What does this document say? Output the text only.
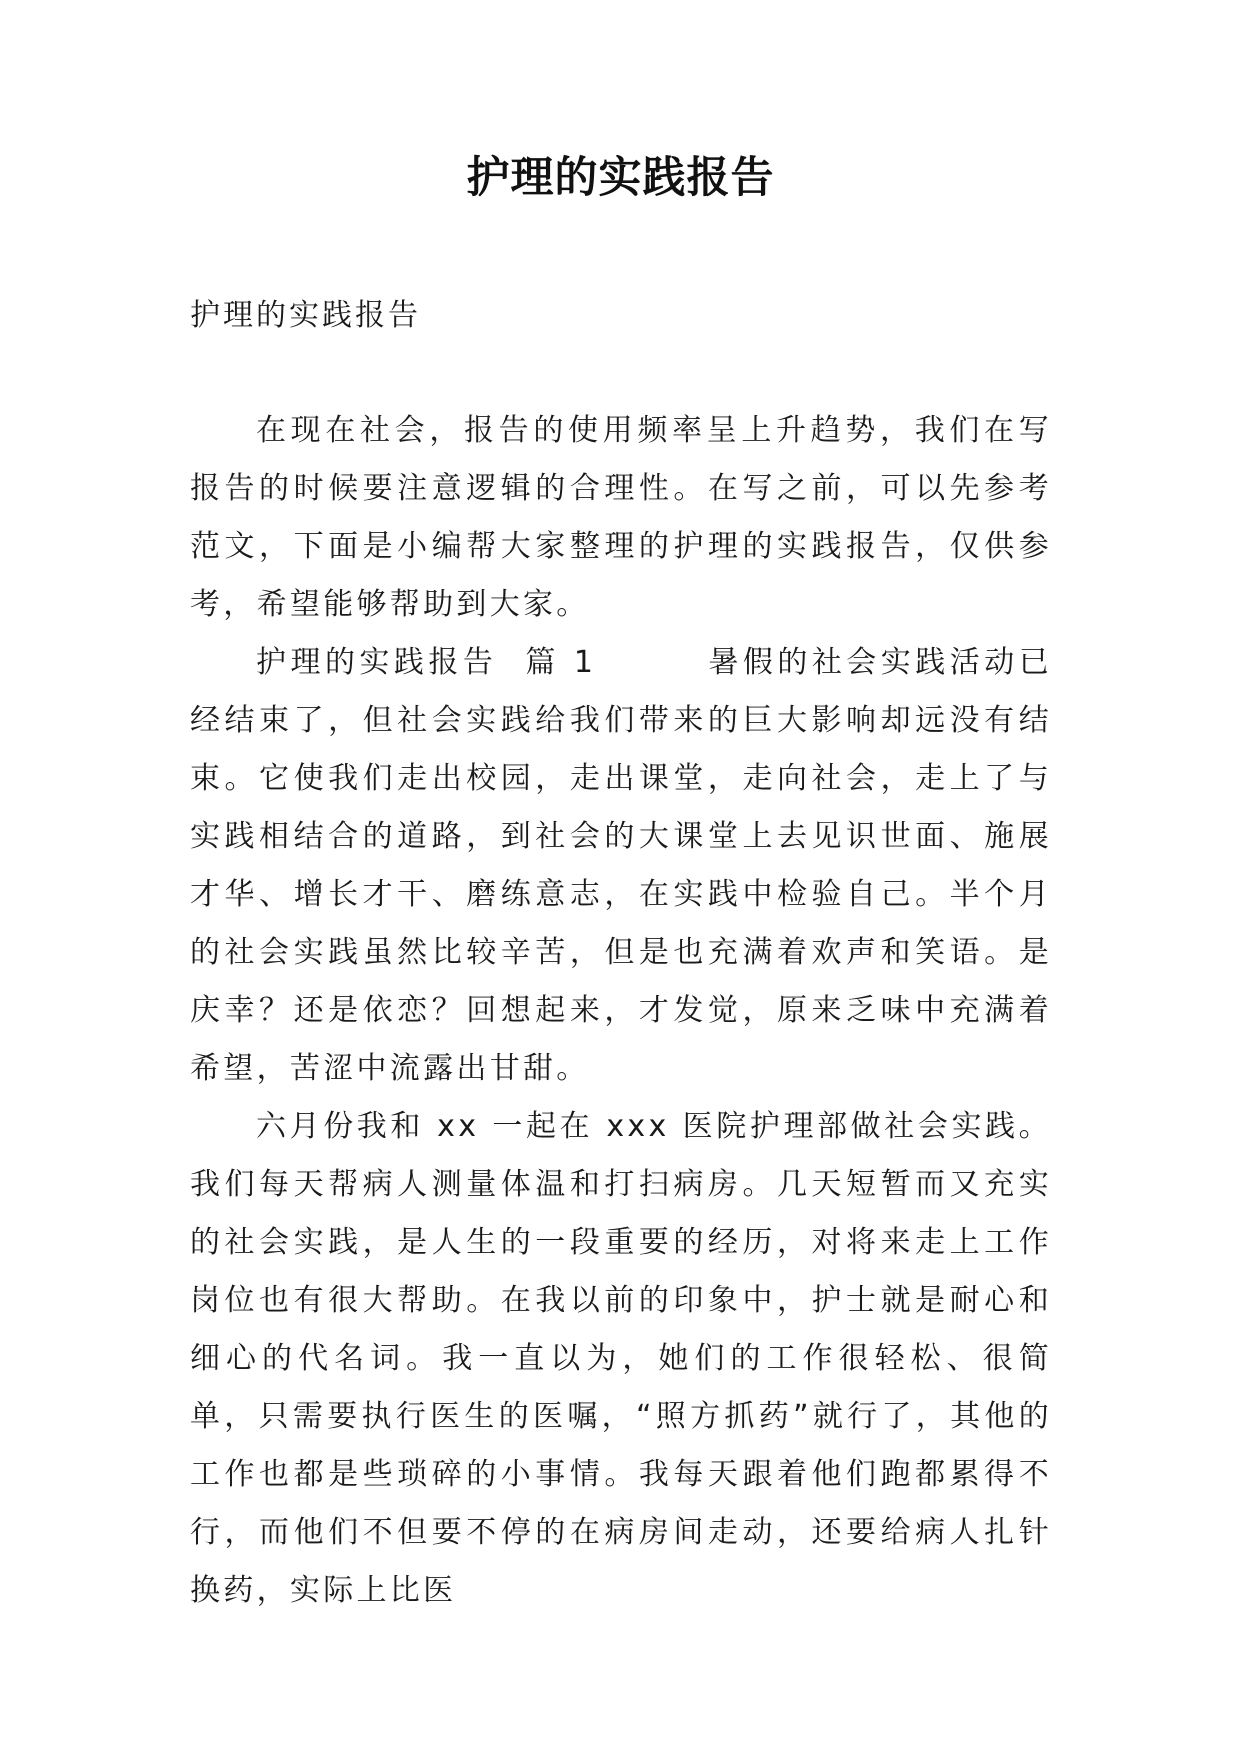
护理的实践报告
护理的实践报告

在现在社会，报告的使用频率呈上升趋势，我们在写报告的时候要注意逻辑的合理性。在写之前，可以先参考范文，下面是小编帮大家整理的护理的实践报告，仅供参考，希望能够帮助到大家。

护理的实践报告  篇 1        暑假的社会实践活动已经结束了，但社会实践给我们带来的巨大影响却远没有结束。它使我们走出校园，走出课堂，走向社会，走上了与实践相结合的道路，到社会的大课堂上去见识世面、施展才华、增长才干、磨练意志，在实践中检验自己。半个月的社会实践虽然比较辛苦，但是也充满着欢声和笑语。是庆幸？还是依恋？回想起来，才发觉，原来乏味中充满着希望，苦涩中流露出甘甜。

六月份我和 xx 一起在 xxx 医院护理部做社会实践。我们每天帮病人测量体温和打扫病房。几天短暂而又充实的社会实践，是人生的一段重要的经历，对将来走上工作岗位也有很大帮助。在我以前的印象中，护士就是耐心和细心的代名词。我一直以为，她们的工作很轻松、很简单，只需要执行医生的医嘱，“照方抓药”就行了，其他的工作也都是些琐碎的小事情。我每天跟着他们跑都累得不行，而他们不但要不停的在病房间走动，还要给病人扎针换药，实际上比医
